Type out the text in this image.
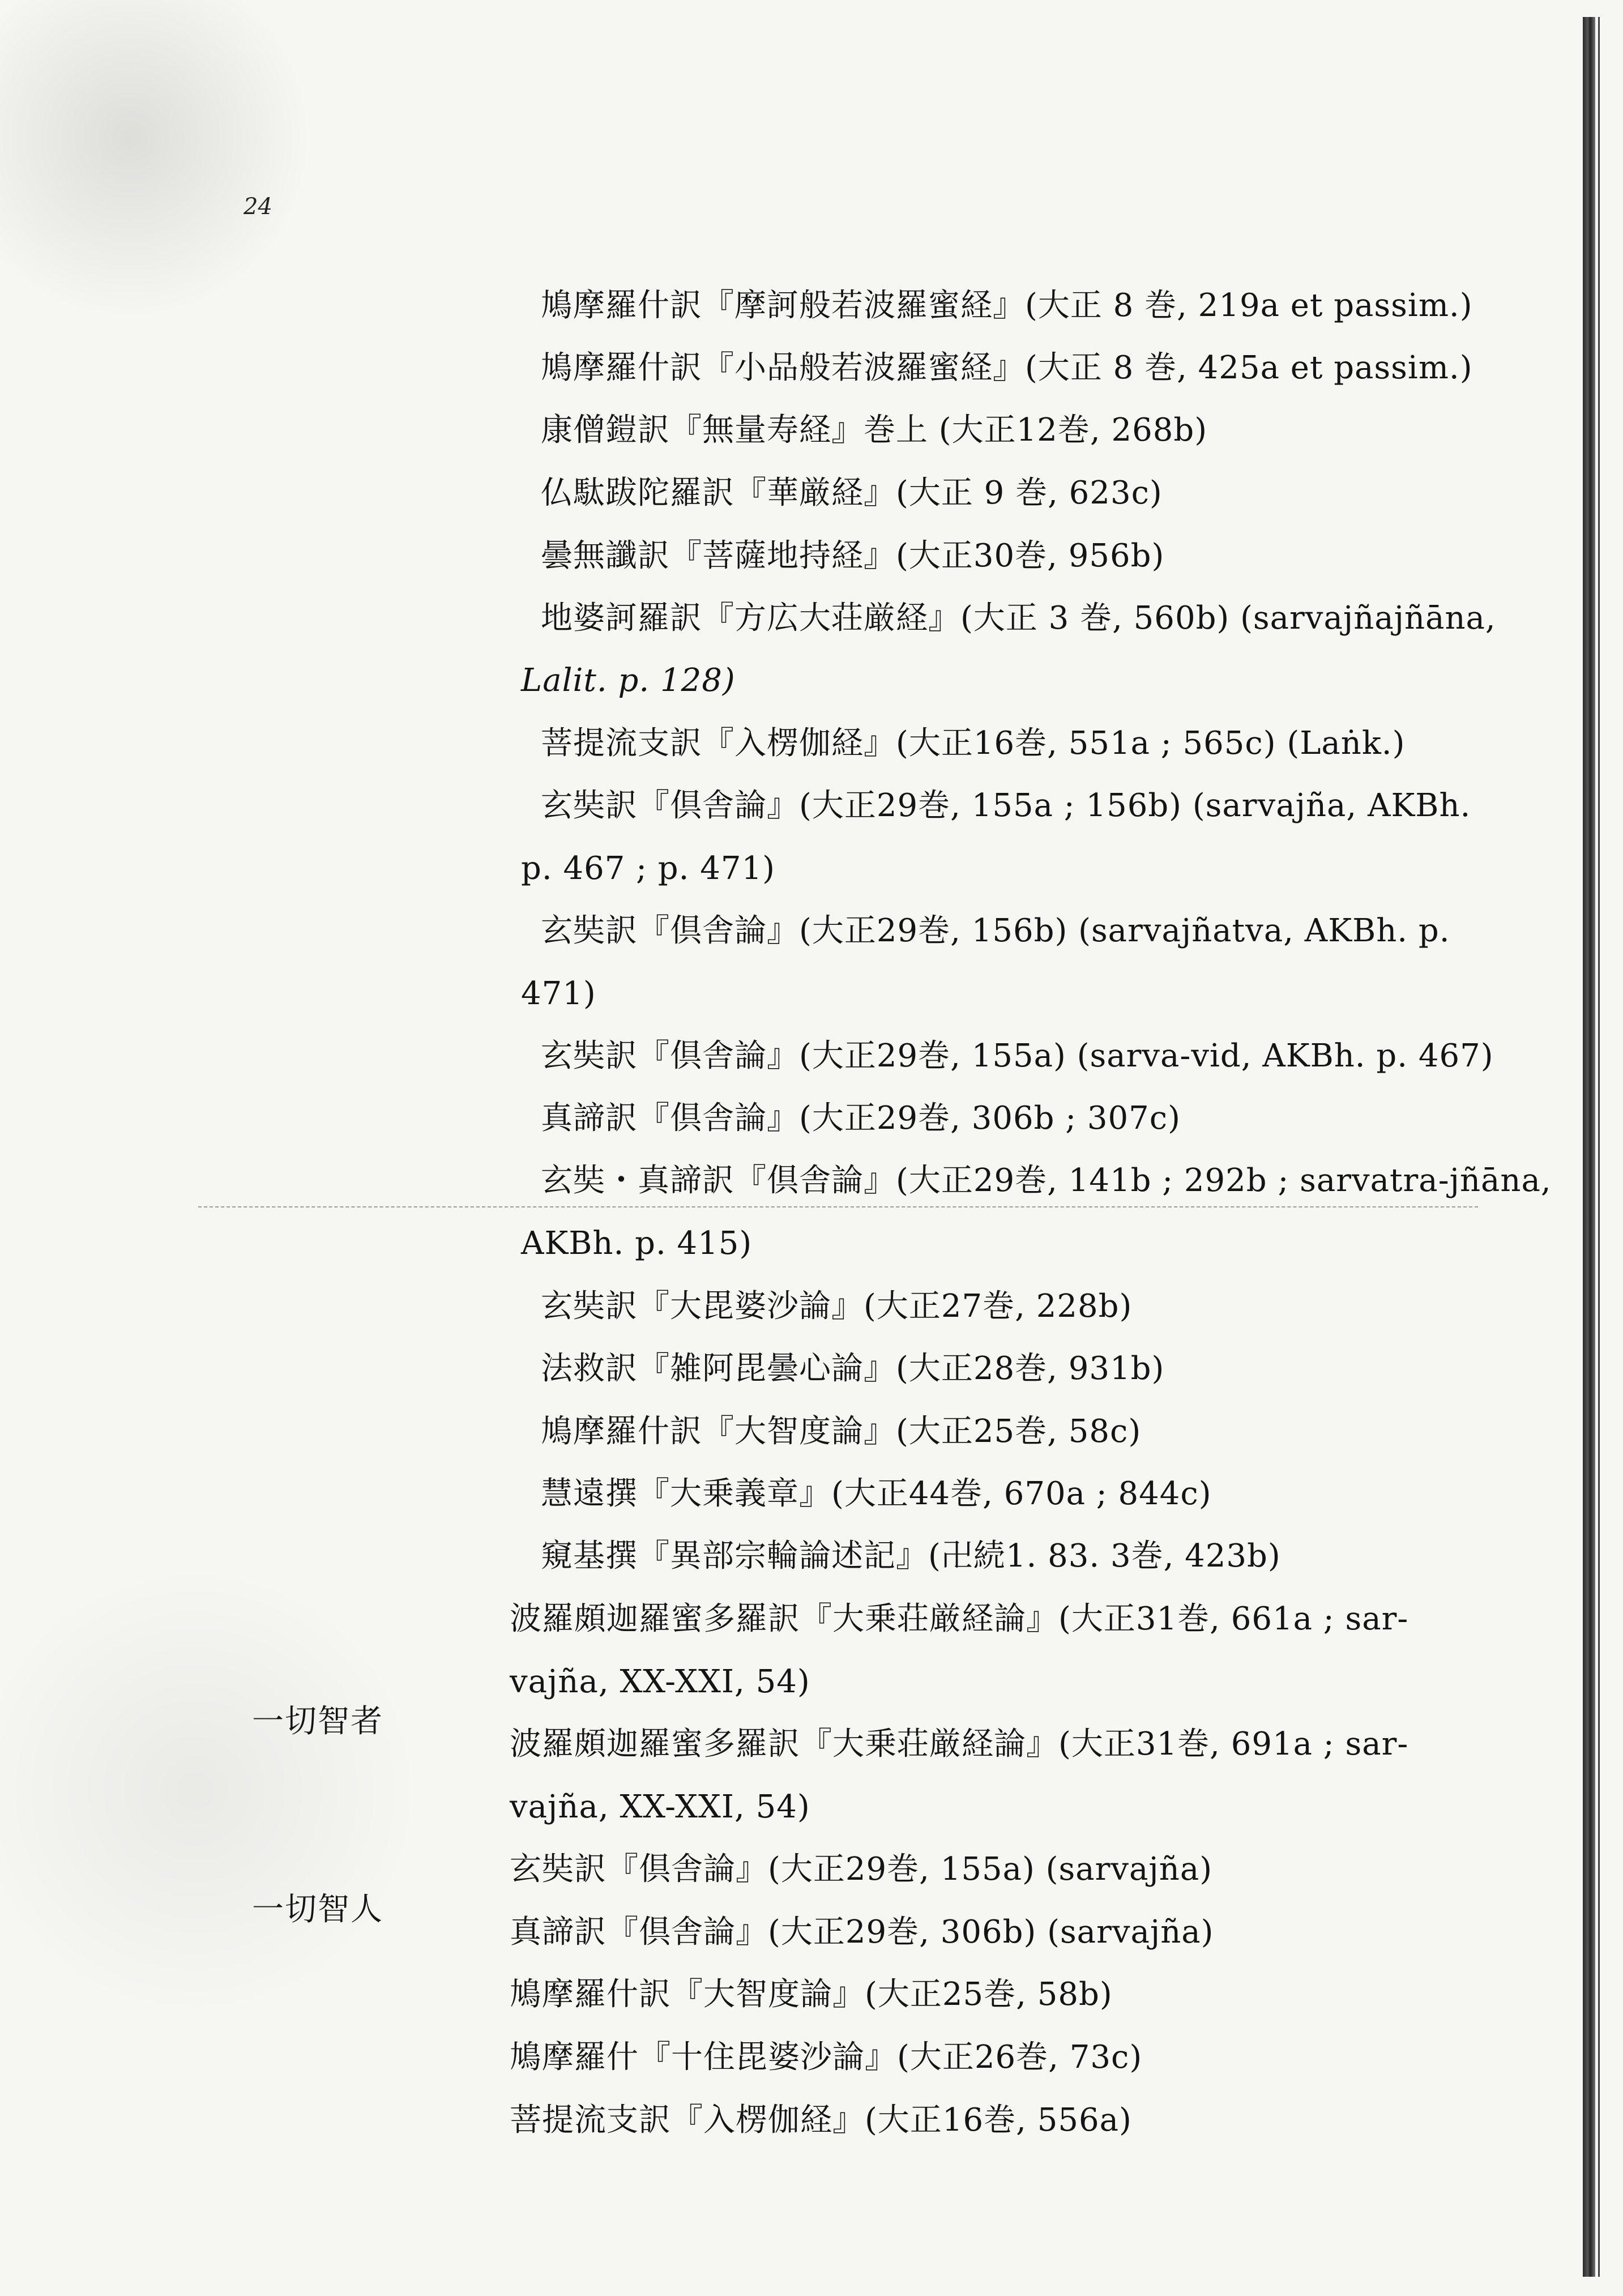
24
一切智者
一切智人
鳩摩羅什訳『摩訶般若波羅蜜経』(大正 8 巻, 219a et passim.)
鳩摩羅什訳『小品般若波羅蜜経』(大正 8 巻, 425a et passim.)
康僧鎧訳『無量寿経』巻上 (大正12巻, 268b)
仏駄跋陀羅訳『華厳経』(大正 9 巻, 623c)
曇無讖訳『菩薩地持経』(大正30巻, 956b)
地婆訶羅訳『方広大荘厳経』(大正 3 巻, 560b) (sarvajñajñāna,
Lalit. p. 128)
菩提流支訳『入楞伽経』(大正16巻, 551a ; 565c) (Laṅk.)
玄奘訳『倶舎論』(大正29巻, 155a ; 156b) (sarvajña, AKBh.
p. 467 ; p. 471)
玄奘訳『倶舎論』(大正29巻, 156b) (sarvajñatva, AKBh. p.
471)
玄奘訳『倶舎論』(大正29巻, 155a) (sarva-vid, AKBh. p. 467)
真諦訳『倶舎論』(大正29巻, 306b ; 307c)
玄奘・真諦訳『倶舎論』(大正29巻, 141b ; 292b ; sarvatra-jñāna,
AKBh. p. 415)
玄奘訳『大毘婆沙論』(大正27巻, 228b)
法救訳『雑阿毘曇心論』(大正28巻, 931b)
鳩摩羅什訳『大智度論』(大正25巻, 58c)
慧遠撰『大乗義章』(大正44巻, 670a ; 844c)
窺基撰『異部宗輪論述記』(卍続1. 83. 3巻, 423b)
波羅頗迦羅蜜多羅訳『大乗荘厳経論』(大正31巻, 661a ; sar-
vajña, XX-XXI, 54)
波羅頗迦羅蜜多羅訳『大乗荘厳経論』(大正31巻, 691a ; sar-
vajña, XX-XXI, 54)
玄奘訳『倶舎論』(大正29巻, 155a) (sarvajña)
真諦訳『倶舎論』(大正29巻, 306b) (sarvajña)
鳩摩羅什訳『大智度論』(大正25巻, 58b)
鳩摩羅什『十住毘婆沙論』(大正26巻, 73c)
菩提流支訳『入楞伽経』(大正16巻, 556a)
